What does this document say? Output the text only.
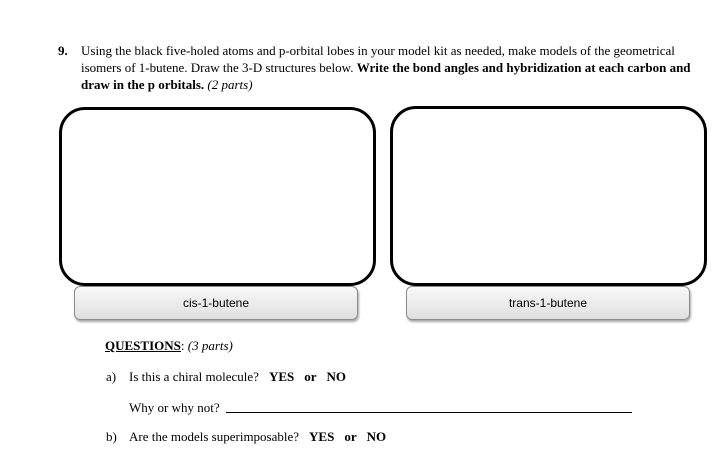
9. Using the black five-holed atoms and p-orbital lobes in your model kit as needed, make models of the geometrical isomers of 1-butene. Draw the 3-D structures below. Write the bond angles and hybridization at each carbon and draw in the p orbitals. (2 parts)
cis-1-butene	trans-1-butene
QUESTIONS: (3 parts)
a) Is this a chiral molecule? YES or NO
Why or why not?
b) Are the models superimposable? YES or NO
